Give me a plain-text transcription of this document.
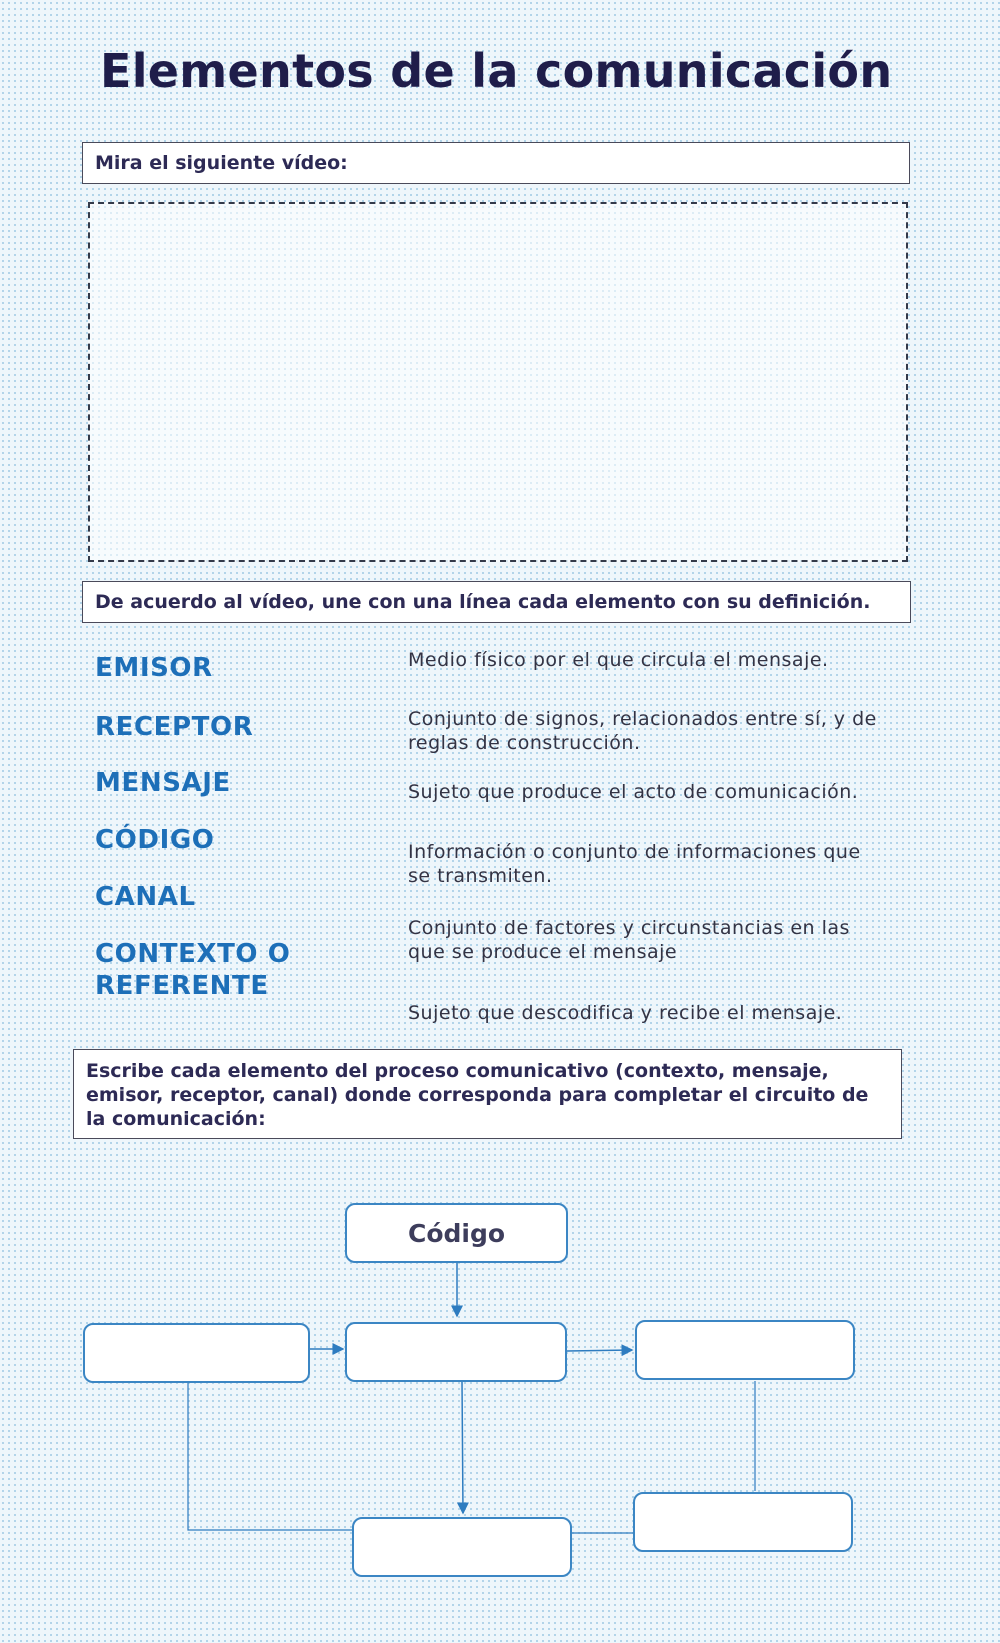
Elementos de la comunicación
Mira el siguiente vídeo:
De acuerdo al vídeo, une con una línea cada elemento con su definición.
EMISOR
RECEPTOR
MENSAJE
CÓDIGO
CANAL
CONTEXTO O REFERENTE
Medio físico por el que circula el mensaje.
Conjunto de signos, relacionados entre sí, y de reglas de construcción.
Sujeto que produce el acto de comunicación.
Información o conjunto de informaciones que se transmiten.
Conjunto de factores y circunstancias en las que se produce el mensaje
Sujeto que descodifica y recibe el mensaje.
Escribe cada elemento del proceso comunicativo (contexto, mensaje, emisor, receptor, canal) donde corresponda para completar el circuito de la comunicación:
Código
